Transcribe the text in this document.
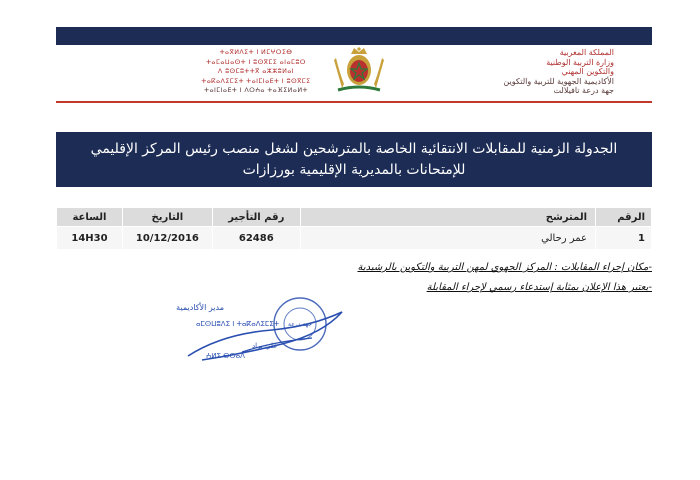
ⵜⴰⴳⵍⴷⵉⵜ ⵏ ⵍⵎⵖⵔⵉⴱ
ⵜⴰⵎⴰⵡⴰⵙⵜ ⵏ ⵓⵙⴳⵎⵉ ⴰⵏⴰⵎⵓⵔ
ⴷ ⵓⵙⵎⵓⵜⵜⴳ ⴰⵣⵣⵓⵍⴰⵏ
ⵜⴰⴽⴰⴷⵉⵎⵉⵜ ⵜⴰⵏⵎⵏⴰⴹⵜ ⵏ ⵓⵙⴳⵎⵉ
ⵜⴰⵏⵎⵏⴰⴹⵜ ⵏ ⴷⵔⵄⴰ ⵜⴰⴼⵉⵍⴰⵍⵜ
المملكة المغربية
وزارة التربية الوطنية
والتكوين المهني
الأكاديمية الجهوية للتربية والتكوين
جهة درعة تافيلالت
الجدولة الزمنية للمقابلات الانتقائية الخاصة بالمترشحين لشغل منصب رئيس المركز الإقليمي
للإمتحانات بالمديرية الإقليمية بورزازات
الساعة	التاريخ	رقم التأجير	المترشح	الرقم
14H30	10/12/2016	62486	عمر رحالي	1
-مكان إجراء المقابلات : المركز الجهوي لمهن التربية والتكوين بالرشيدية
-يعتبر هذا الإعلان بمثابة إستدعاء رسمي لإجراء المقابلة
مدير الأكاديمية
ⴰⵎⵙⵡⵓⴷⵉ ⵏ ⵜⴰⴽⴰⴷⵉⵎⵉⵜ جهة درعة
علي براد
ⵄⵍⵉ ⴱⵔⴰⴷ
